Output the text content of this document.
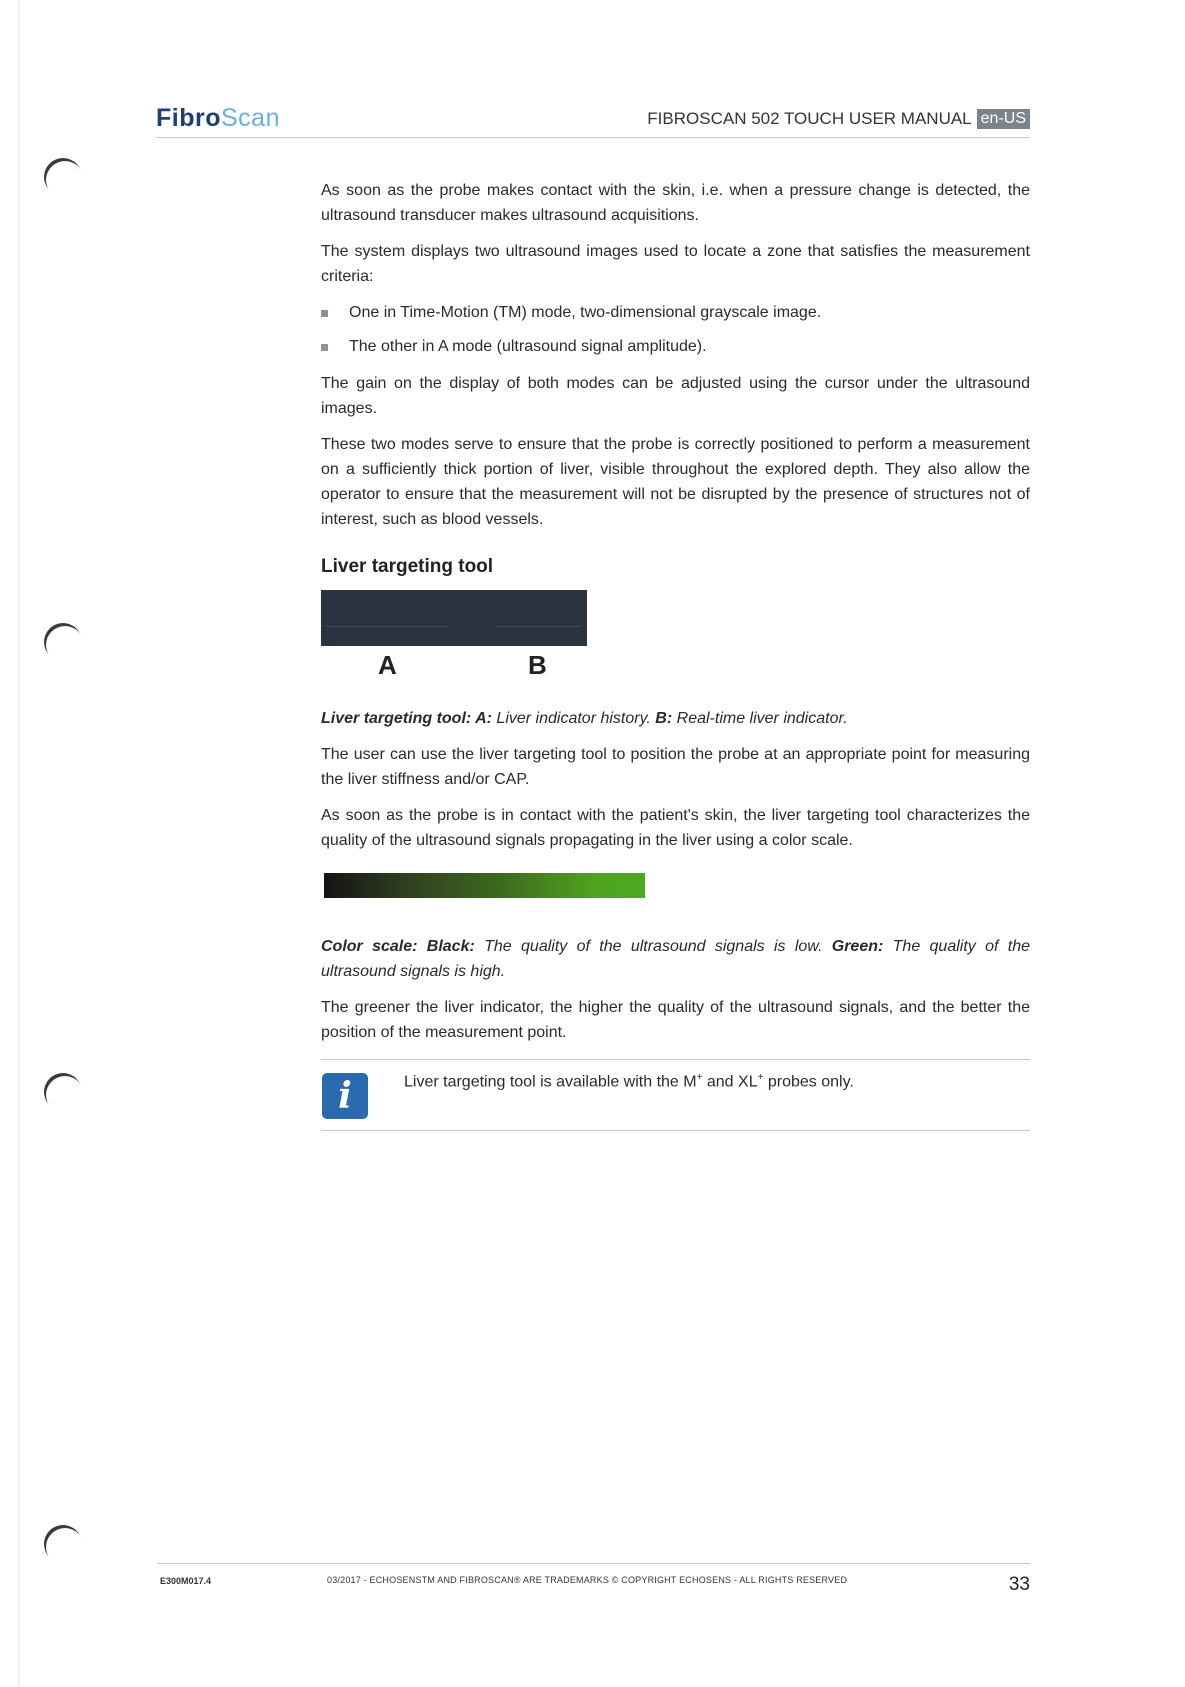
FibroScan	FIBROSCAN 502 TOUCH USER MANUAL en-US

As soon as the probe makes contact with the skin, i.e. when a pressure change is detected, the ultrasound transducer makes ultrasound acquisitions.

The system displays two ultrasound images used to locate a zone that satisfies the measurement criteria:

One in Time-Motion (TM) mode, two-dimensional grayscale image.
The other in A mode (ultrasound signal amplitude).

The gain on the display of both modes can be adjusted using the cursor under the ultrasound images.

These two modes serve to ensure that the probe is correctly positioned to perform a measurement on a sufficiently thick portion of liver, visible throughout the explored depth. They also allow the operator to ensure that the measurement will not be disrupted by the presence of structures not of interest, such as blood vessels.

Liver targeting tool
A	B

Liver targeting tool: A: Liver indicator history. B: Real-time liver indicator.

The user can use the liver targeting tool to position the probe at an appropriate point for measuring the liver stiffness and/or CAP.

As soon as the probe is in contact with the patient's skin, the liver targeting tool characterizes the quality of the ultrasound signals propagating in the liver using a color scale.

Color scale: Black: The quality of the ultrasound signals is low. Green: The quality of the ultrasound signals is high.

The greener the liver indicator, the higher the quality of the ultrasound signals, and the better the position of the measurement point.

i	Liver targeting tool is available with the M+ and XL+ probes only.
E300M017.4	03/2017 - ECHOSENSTM AND FIBROSCAN® ARE TRADEMARKS © COPYRIGHT ECHOSENS - ALL RIGHTS RESERVED	33
